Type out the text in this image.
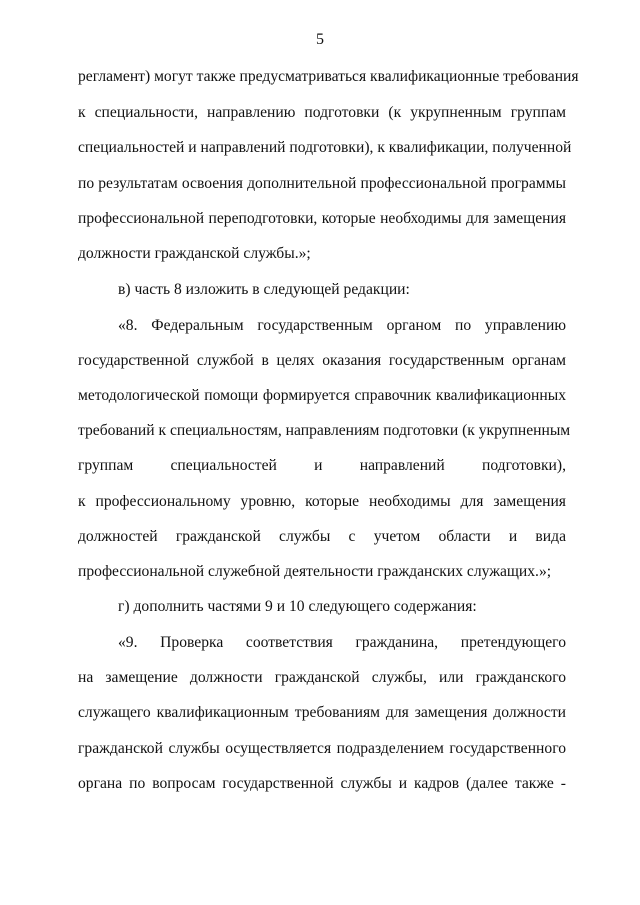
5
регламент) могут также предусматриваться квалификационные требования
к специальности, направлению подготовки (к укрупненным группам
специальностей и направлений подготовки), к квалификации, полученной
по результатам освоения дополнительной профессиональной программы
профессиональной переподготовки, которые необходимы для замещения
должности гражданской службы.»;
в) часть 8 изложить в следующей редакции:
«8. Федеральным государственным органом по управлению
государственной службой в целях оказания государственным органам
методологической помощи формируется справочник квалификационных
требований к специальностям, направлениям подготовки (к укрупненным
группам специальностей и направлений подготовки),
к профессиональному уровню, которые необходимы для замещения
должностей гражданской службы с учетом области и вида
профессиональной служебной деятельности гражданских служащих.»;
г) дополнить частями 9 и 10 следующего содержания:
«9. Проверка соответствия гражданина, претендующего
на замещение должности гражданской службы, или гражданского
служащего квалификационным требованиям для замещения должности
гражданской службы осуществляется подразделением государственного
органа по вопросам государственной службы и кадров (далее также -
